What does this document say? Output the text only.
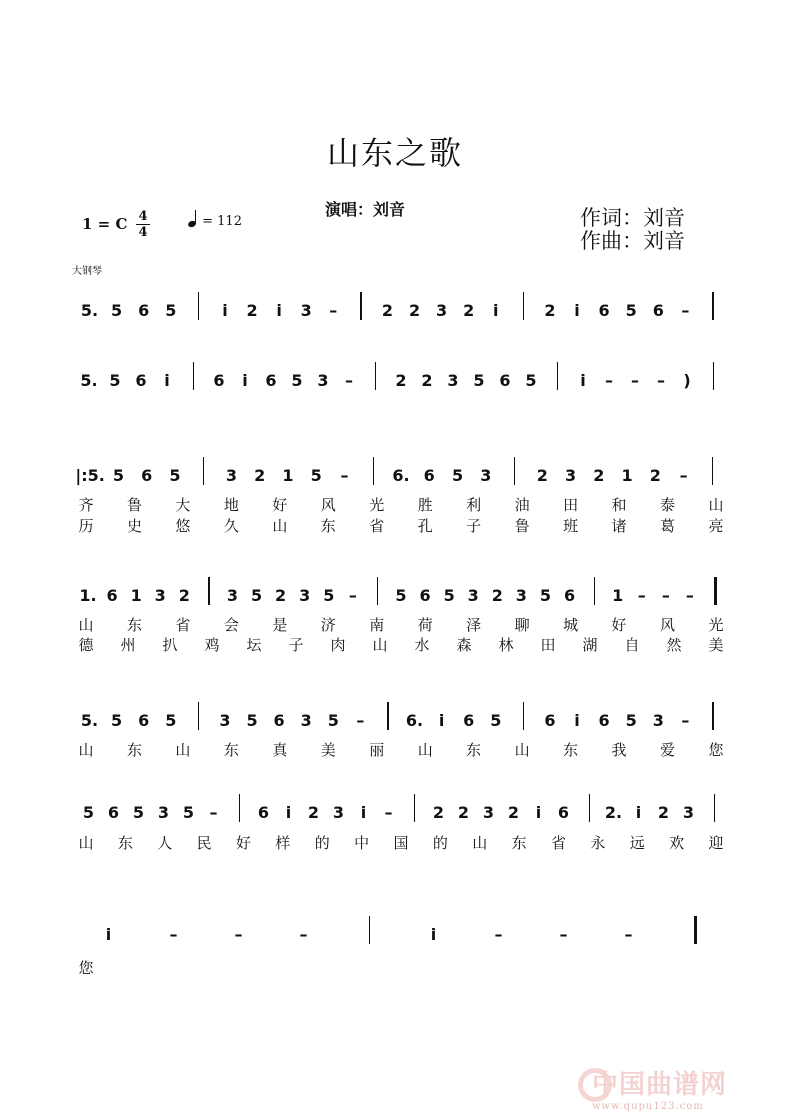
山东之歌
演唱：刘音	作词：刘音
作曲：刘音
1 = C 4
4
= 112
大钢琴
5. 5 6 5	i 2 i 3 –	2 2 3 2 i	2 i 6 5 6 –
5. 5 6 i	6 i 6 5 3 –	2 2 3 5 6 5	i – – – )
|:5. 5 6 5	3 2 1 5 –	6. 6 5 3	2 3 2 1 2 –
1. 6 1 3 2 3 5 2 3 5 – 5 6 5 3 2 3 5 6 1 – – –
5. 5 6 5	3 5 6 3 5 –	6. i 6 5	6 i 6 5 3 –
5 6 5 3 5 –	6 i 2 3 i –	2 2 3 2 i 6 2. i 2 3
i	–	–	–	i	–	–	–
齐 鲁 大 地 好 风 光 胜 利 油 田 和 泰 山
历 史 悠 久 山 东 省 孔 子 鲁 班 诸 葛 亮
山 东 省 会 是 济 南 荷 泽 聊 城 好 风 光
德 州 扒 鸡 坛 子 肉 山 水 森 林 田 湖 自 然 美
山 东 山 东 真 美 丽 山 东 山 东 我 爱 您
山 东 人 民 好 样 的 中 国 的 山 东 省 永 远 欢 迎
您
中国曲谱网
www.qupu123.com
